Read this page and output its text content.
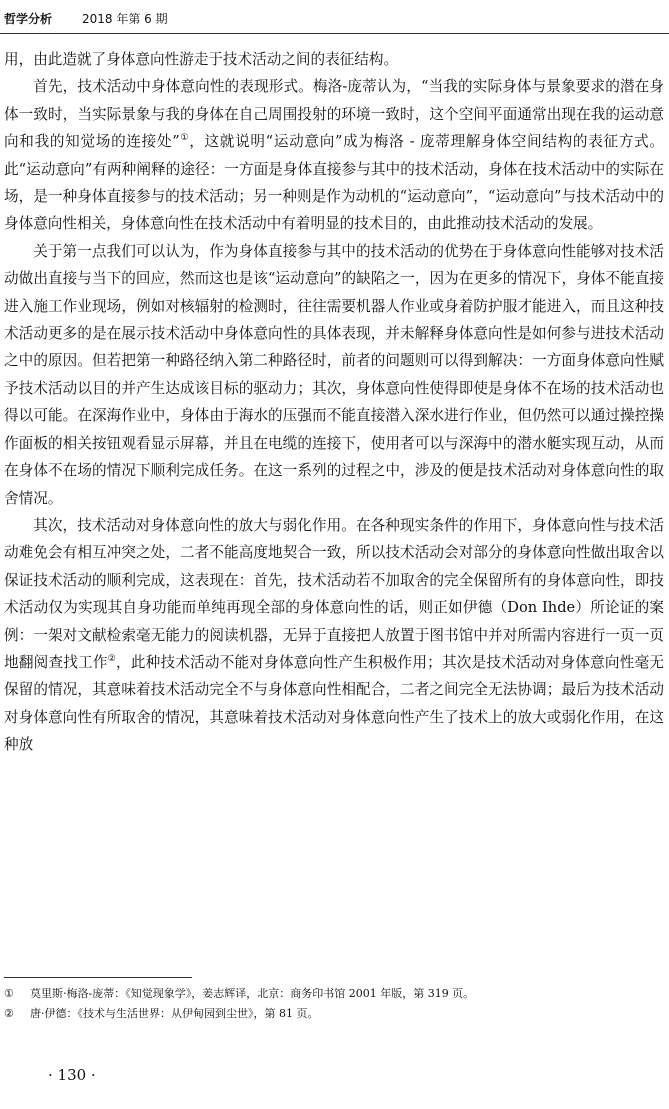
哲学分析 2018 年第 6 期

用，由此造就了身体意向性游走于技术活动之间的表征结构。

首先，技术活动中身体意向性的表现形式。梅洛-庞蒂认为，“当我的实际身体与景象要求的潜在身体一致时，当实际景象与我的身体在自己周围投射的环境一致时，这个空间平面通常出现在我的运动意向和我的知觉场的连接处”①，这就说明“运动意向”成为梅洛 - 庞蒂理解身体空间结构的表征方式。此“运动意向”有两种阐释的途径：一方面是身体直接参与其中的技术活动，身体在技术活动中的实际在场，是一种身体直接参与的技术活动；另一种则是作为动机的“运动意向”，“运动意向”与技术活动中的身体意向性相关，身体意向性在技术活动中有着明显的技术目的，由此推动技术活动的发展。

关于第一点我们可以认为，作为身体直接参与其中的技术活动的优势在于身体意向性能够对技术活动做出直接与当下的回应，然而这也是该“运动意向”的缺陷之一，因为在更多的情况下，身体不能直接进入施工作业现场，例如对核辐射的检测时，往往需要机器人作业或身着防护服才能进入，而且这种技术活动更多的是在展示技术活动中身体意向性的具体表现，并未解释身体意向性是如何参与进技术活动之中的原因。但若把第一种路径纳入第二种路径时，前者的问题则可以得到解决：一方面身体意向性赋予技术活动以目的并产生达成该目标的驱动力；其次，身体意向性使得即使是身体不在场的技术活动也得以可能。在深海作业中，身体由于海水的压强而不能直接潜入深水进行作业，但仍然可以通过操控操作面板的相关按钮观看显示屏幕，并且在电缆的连接下，使用者可以与深海中的潜水艇实现互动，从而在身体不在场的情况下顺利完成任务。在这一系列的过程之中，涉及的便是技术活动对身体意向性的取舍情况。

其次，技术活动对身体意向性的放大与弱化作用。在各种现实条件的作用下，身体意向性与技术活动难免会有相互冲突之处，二者不能高度地契合一致，所以技术活动会对部分的身体意向性做出取舍以保证技术活动的顺利完成，这表现在：首先，技术活动若不加取舍的完全保留所有的身体意向性，即技术活动仅为实现其自身功能而单纯再现全部的身体意向性的话，则正如伊德（Don Ihde）所论证的案例：一架对文献检索毫无能力的阅读机器，无异于直接把人放置于图书馆中并对所需内容进行一页一页地翻阅查找工作②，此种技术活动不能对身体意向性产生积极作用；其次是技术活动对身体意向性毫无保留的情况，其意味着技术活动完全不与身体意向性相配合，二者之间完全无法协调；最后为技术活动对身体意向性有所取舍的情况，其意味着技术活动对身体意向性产生了技术上的放大或弱化作用，在这种放

① 莫里斯·梅洛-庞蒂：《知觉现象学》，姜志辉译，北京：商务印书馆 2001 年版，第 319 页。
② 唐·伊德：《技术与生活世界：从伊甸园到尘世》，第 81 页。
· 130 ·
